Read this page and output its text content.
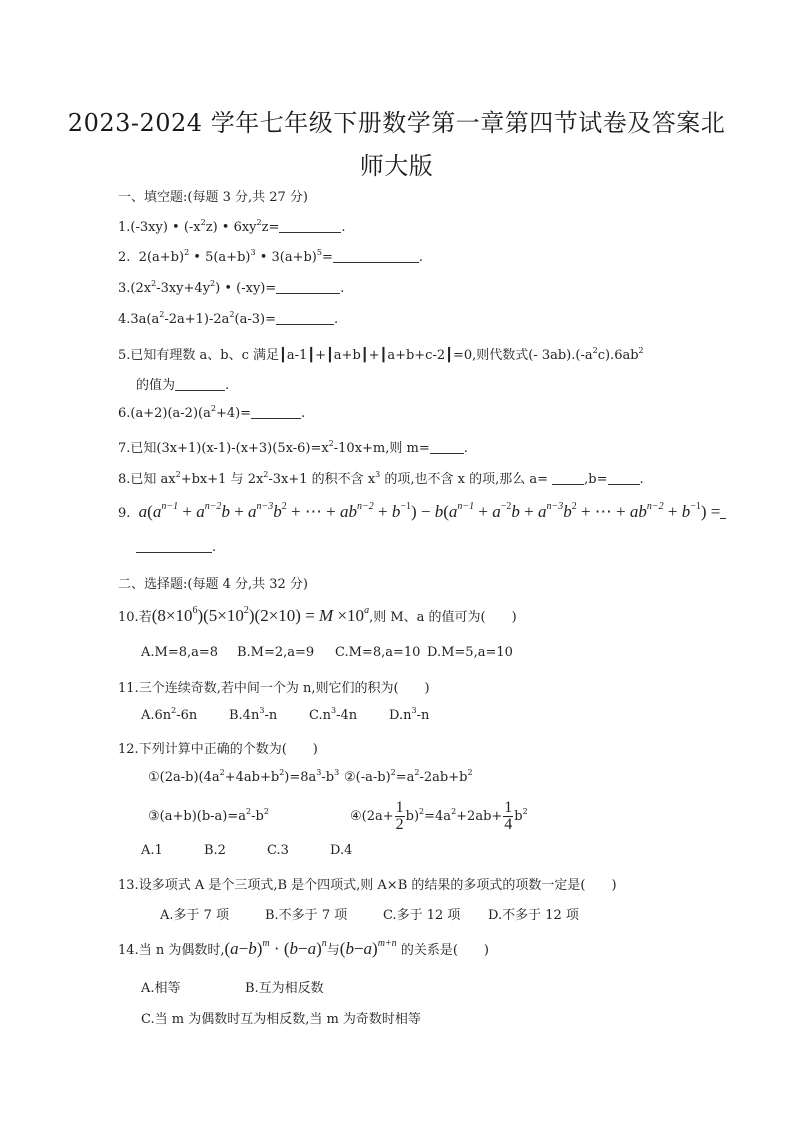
2023-2024 学年七年级下册数学第一章第四节试卷及答案北
师大版
一、填空题:(每题 3 分,共 27 分)
1.(-3xy) • $(-x^2z)$ • $6xy^2z=$	.
2.  $2(a+b)^2$ • $5(a+b)^3$ • $3(a+b)^5=$	.
$3.(2x^2-3xy+4y^2)$ • (-xy)=	.
$4.3a(a^2-2a+1)-2a^2(a-3)=$	.
5.已知有理数 a、b、c 满足┃a-1┃+┃a+b┃+┃a+b+c-2┃=0,则代数式(- $3ab).(-a^2c).6ab^2$
的值为	.
$6.(a+2)(a-2)(a^2+4)=$	.
7.已知$(3x+1)(x-1)-(x+3)(5x-6)=x^2-10x+m$,则 m=	.
8.已知 $ax^2+bx+1$ 与 $2x^2-3x+1$ 的积不含 $x^3$ 的项,也不含 x 的项,那么 a= ,b= .
9.  $a(a^{n-1} + a^{n-2}b + a^{n-3}b^2$ + ⋯ + $ab^{n-2} + b^{-1}) - b(a^{n-1} + a^{-2}b + a^{n-3}b^2$ + ⋯ + $ab^{n-2} + b^{-1}$) =
.
二、选择题:(每题 4 分,共 32 分)
10.若$(8\times 10^6)(5\times 10^2)(2\times 10) = M \times 10^a$,则 M、a 的值可为(　　)
A.M=8,a=8 B.M=2,a=9 C.M=8,a=10 D.M=5,a=10
11.三个连续奇数,若中间一个为 n,则它们的积为(　　)
$A.6n^2-6n$ $B.4n^3-n$ $C.n^3-4n$ $D.n^3-n$
12.下列计算中正确的个数为(　　)
$①(2a-b)(4a^2+4ab+b^2)=8a^3-b^3$ $②(-a-b)^2=a^2-2ab+b^2$
$③(a+b)(b-a)=a^2-b^2$	④(2a+ $\frac{1}{2} b)^2=4a^2+2ab+ \frac{1}{4} b^2$
A.1	B.2	C.3	D.4
13.设多项式 A 是个三项式,B 是个四项式,则 A×B 的结果的多项式的项数一定是(　　)
A.多于 7 项	B.不多于 7 项	C.多于 12 项 D.不多于 12 项
14.当 n 为偶数时$,(a-b)^m \cdot (b-a)^n$与$(b-a)^{m+n}$ 的关系是(　　)
A.相等	B.互为相反数
C.当 m 为偶数时互为相反数,当 m 为奇数时相等
